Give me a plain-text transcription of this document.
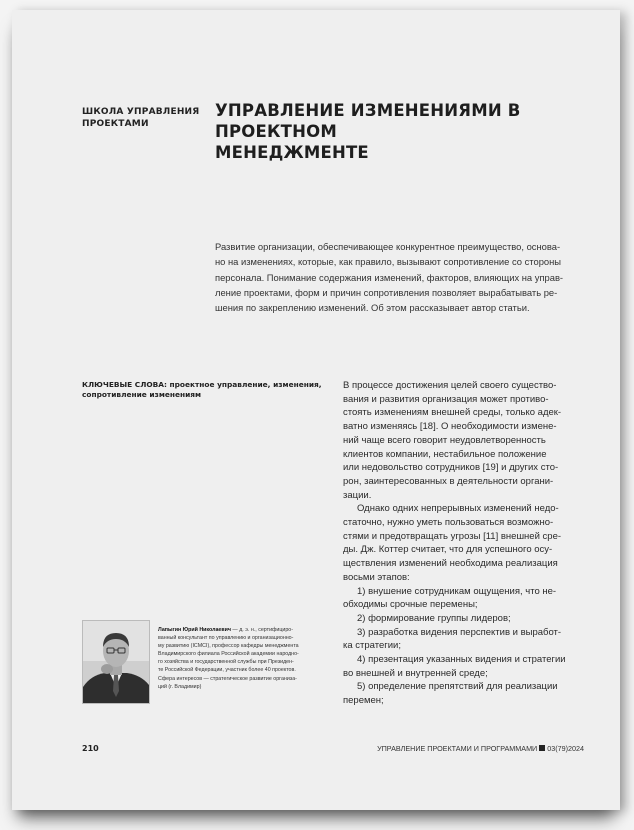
ШКОЛА УПРАВЛЕНИЯ
ПРОЕКТАМИ
УПРАВЛЕНИЕ ИЗМЕНЕНИЯМИ В ПРОЕКТНОМ
МЕНЕДЖМЕНТЕ
Развитие организации, обеспечивающее конкурентное преимущество, основа-
но на изменениях, которые, как правило, вызывают сопротивление со стороны
персонала. Понимание содержания изменений, факторов, влияющих на управ-
ление проектами, форм и причин сопротивления позволяет вырабатывать ре-
шения по закреплению изменений. Об этом рассказывает автор статьи.
КЛЮЧЕВЫЕ СЛОВА: проектное управление, изменения,
сопротивление изменениям
В процессе достижения целей своего существо-
вания и развития организация может противо-
стоять изменениям внешней среды, только адек-
ватно изменяясь [18]. О необходимости измене-
ний чаще всего говорит неудовлетворенность
клиентов компании, нестабильное положение
или недовольство сотрудников [19] и других сто-
рон, заинтересованных в деятельности органи-
зации.
Однако одних непрерывных изменений недо-
статочно, нужно уметь пользоваться возможно-
стями и предотвращать угрозы [11] внешней сре-
ды. Дж. Коттер считает, что для успешного осу-
ществления изменений необходима реализация
восьми этапов:
1) внушение сотрудникам ощущения, что не-
обходимы срочные перемены;
2) формирование группы лидеров;
3) разработка видения перспектив и выработ-
ка стратегии;
4) презентация указанных видения и стратегии
во внешней и внутренней среде;
5) определение препятствий для реализации
перемен;
Лапыгин Юрий Николаевич — д. э. н., сертифициро-
ванный консультант по управлению и организационно-
му развитию (ICMCI), профессор кафедры менеджмента
Владимирского филиала Российской академии народно-
го хозяйства и государственной службы при Президен-
те Российской Федерации, участник более 40 проектов.
Сфера интересов — стратегическое развитие организа-
ций (г. Владимир)
210	УПРАВЛЕНИЕ ПРОЕКТАМИ И ПРОГРАММАМИ 03(79)2024
